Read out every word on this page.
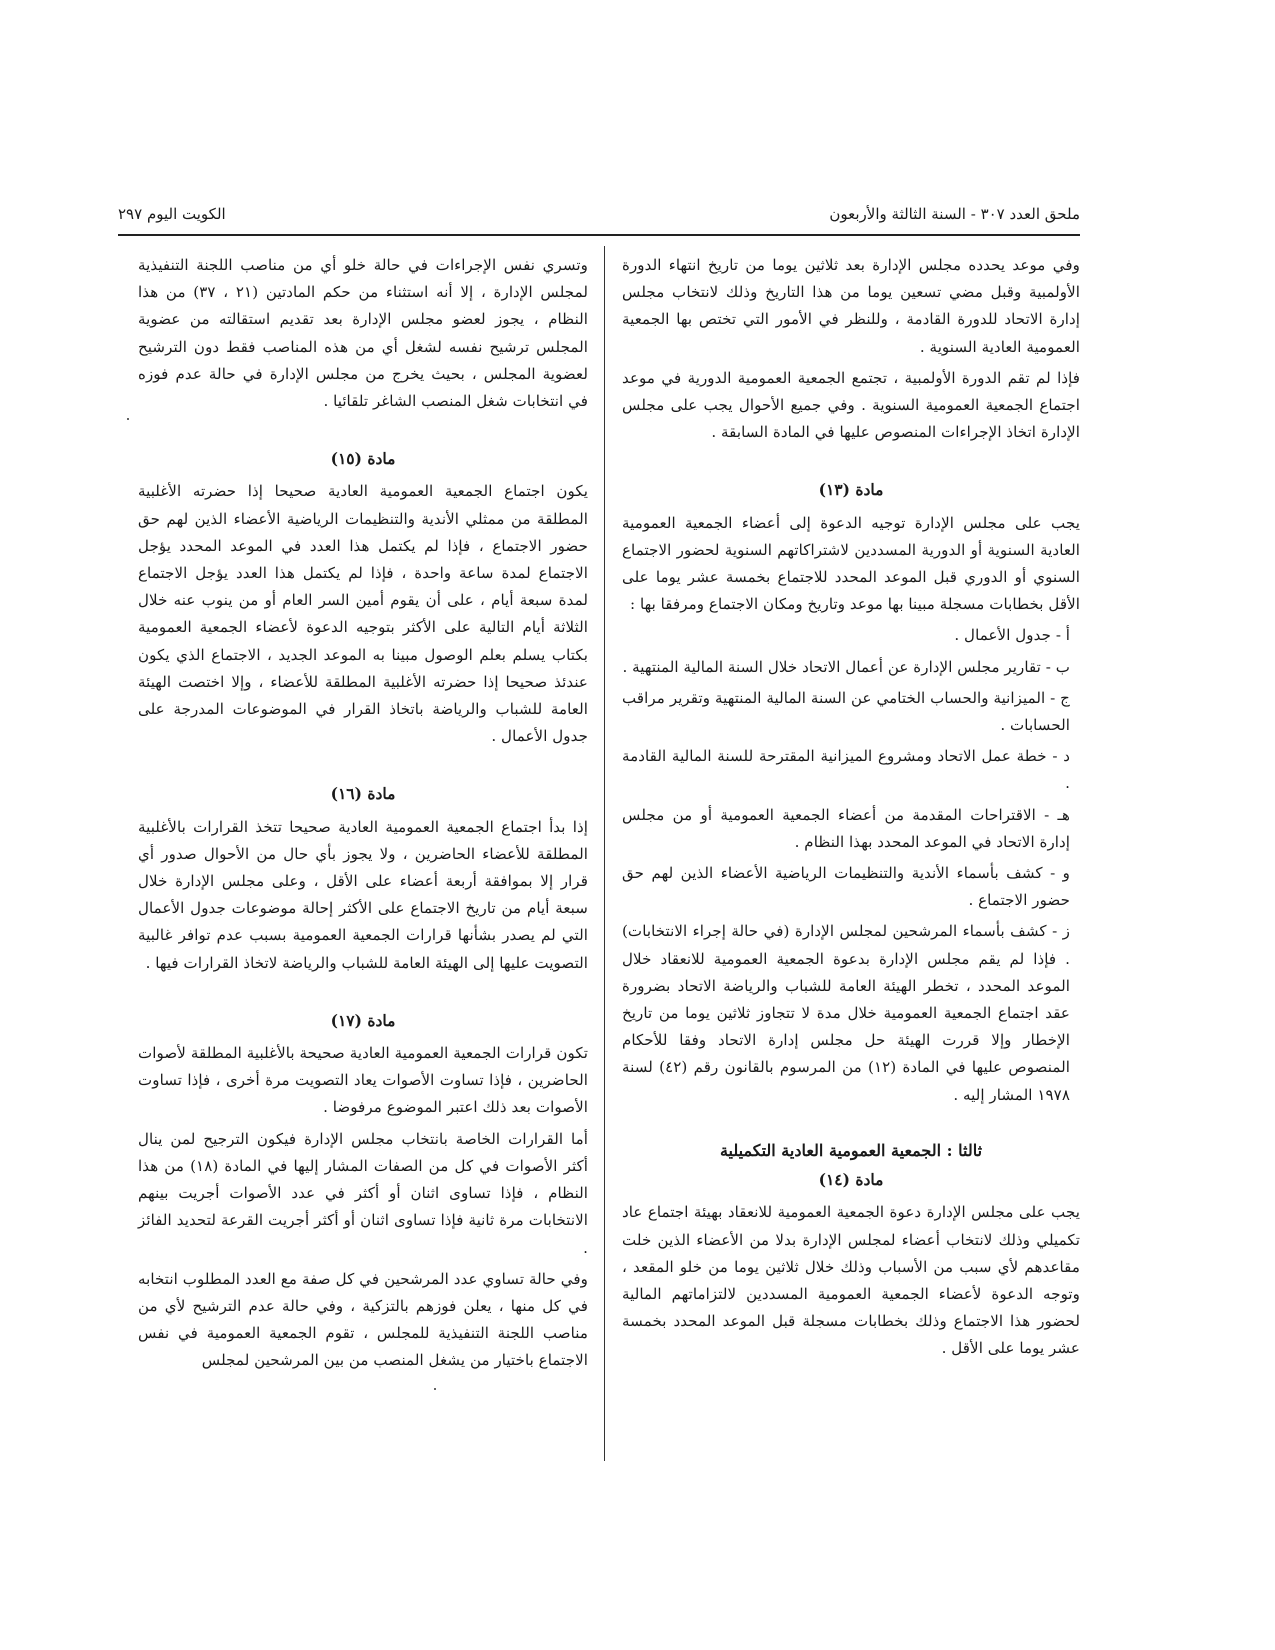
ملحق العدد ٣٠٧ - السنة الثالثة والأربعون
الكويت اليوم ٢٩٧

وفي موعد يحدده مجلس الإدارة بعد ثلاثين يوما من تاريخ انتهاء الدورة الأولمبية وقبل مضي تسعين يوما من هذا التاريخ وذلك لانتخاب مجلس إدارة الاتحاد للدورة القادمة ، وللنظر في الأمور التي تختص بها الجمعية العمومية العادية السنوية .

فإذا لم تقم الدورة الأولمبية ، تجتمع الجمعية العمومية الدورية في موعد اجتماع الجمعية العمومية السنوية . وفي جميع الأحوال يجب على مجلس الإدارة اتخاذ الإجراءات المنصوص عليها في المادة السابقة .

مادة (١٣)

يجب على مجلس الإدارة توجيه الدعوة إلى أعضاء الجمعية العمومية العادية السنوية أو الدورية المسددين لاشتراكاتهم السنوية لحضور الاجتماع السنوي أو الدوري قبل الموعد المحدد للاجتماع بخمسة عشر يوما على الأقل بخطابات مسجلة مبينا بها موعد وتاريخ ومكان الاجتماع ومرفقا بها :

أ - جدول الأعمال .

ب - تقارير مجلس الإدارة عن أعمال الاتحاد خلال السنة المالية المنتهية .

ج - الميزانية والحساب الختامي عن السنة المالية المنتهية وتقرير مراقب الحسابات .

د - خطة عمل الاتحاد ومشروع الميزانية المقترحة للسنة المالية القادمة .

هـ - الاقتراحات المقدمة من أعضاء الجمعية العمومية أو من مجلس إدارة الاتحاد في الموعد المحدد بهذا النظام .

و - كشف بأسماء الأندية والتنظيمات الرياضية الأعضاء الذين لهم حق حضور الاجتماع .

ز - كشف بأسماء المرشحين لمجلس الإدارة (في حالة إجراء الانتخابات) . فإذا لم يقم مجلس الإدارة بدعوة الجمعية العمومية للانعقاد خلال الموعد المحدد ، تخطر الهيئة العامة للشباب والرياضة الاتحاد بضرورة عقد اجتماع الجمعية العمومية خلال مدة لا تتجاوز ثلاثين يوما من تاريخ الإخطار وإلا قررت الهيئة حل مجلس إدارة الاتحاد وفقا للأحكام المنصوص عليها في المادة (١٢) من المرسوم بالقانون رقم (٤٢) لسنة ١٩٧٨ المشار إليه .

ثالثا : الجمعية العمومية العادية التكميلية
مادة (١٤)

يجب على مجلس الإدارة دعوة الجمعية العمومية للانعقاد بهيئة اجتماع عاد تكميلي وذلك لانتخاب أعضاء لمجلس الإدارة بدلا من الأعضاء الذين خلت مقاعدهم لأي سبب من الأسباب وذلك خلال ثلاثين يوما من خلو المقعد ، وتوجه الدعوة لأعضاء الجمعية العمومية المسددين لالتزاماتهم المالية لحضور هذا الاجتماع وذلك بخطابات مسجلة قبل الموعد المحدد بخمسة عشر يوما على الأقل .

وتسري نفس الإجراءات في حالة خلو أي من مناصب اللجنة التنفيذية لمجلس الإدارة ، إلا أنه استثناء من حكم المادتين (٢١ ، ٣٧) من هذا النظام ، يجوز لعضو مجلس الإدارة بعد تقديم استقالته من عضوية المجلس ترشيح نفسه لشغل أي من هذه المناصب فقط دون الترشيح لعضوية المجلس ، بحيث يخرج من مجلس الإدارة في حالة عدم فوزه في انتخابات شغل المنصب الشاغر تلقائيا .

مادة (١٥)

يكون اجتماع الجمعية العمومية العادية صحيحا إذا حضرته الأغلبية المطلقة من ممثلي الأندية والتنظيمات الرياضية الأعضاء الذين لهم حق حضور الاجتماع ، فإذا لم يكتمل هذا العدد في الموعد المحدد يؤجل الاجتماع لمدة ساعة واحدة ، فإذا لم يكتمل هذا العدد يؤجل الاجتماع لمدة سبعة أيام ، على أن يقوم أمين السر العام أو من ينوب عنه خلال الثلاثة أيام التالية على الأكثر بتوجيه الدعوة لأعضاء الجمعية العمومية بكتاب يسلم بعلم الوصول مبينا به الموعد الجديد ، الاجتماع الذي يكون عندئذ صحيحا إذا حضرته الأغلبية المطلقة للأعضاء ، وإلا اختصت الهيئة العامة للشباب والرياضة باتخاذ القرار في الموضوعات المدرجة على جدول الأعمال .

مادة (١٦)

إذا بدأ اجتماع الجمعية العمومية العادية صحيحا تتخذ القرارات بالأغلبية المطلقة للأعضاء الحاضرين ، ولا يجوز بأي حال من الأحوال صدور أي قرار إلا بموافقة أربعة أعضاء على الأقل ، وعلى مجلس الإدارة خلال سبعة أيام من تاريخ الاجتماع على الأكثر إحالة موضوعات جدول الأعمال التي لم يصدر بشأنها قرارات الجمعية العمومية بسبب عدم توافر غالبية التصويت عليها إلى الهيئة العامة للشباب والرياضة لاتخاذ القرارات فيها .

مادة (١٧)

تكون قرارات الجمعية العمومية العادية صحيحة بالأغلبية المطلقة لأصوات الحاضرين ، فإذا تساوت الأصوات يعاد التصويت مرة أخرى ، فإذا تساوت الأصوات بعد ذلك اعتبر الموضوع مرفوضا .

أما القرارات الخاصة بانتخاب مجلس الإدارة فيكون الترجيح لمن ينال أكثر الأصوات في كل من الصفات المشار إليها في المادة (١٨) من هذا النظام ، فإذا تساوى اثنان أو أكثر في عدد الأصوات أجريت بينهم الانتخابات مرة ثانية فإذا تساوى اثنان أو أكثر أجريت القرعة لتحديد الفائز .

وفي حالة تساوي عدد المرشحين في كل صفة مع العدد المطلوب انتخابه في كل منها ، يعلن فوزهم بالتزكية ، وفي حالة عدم الترشيح لأي من مناصب اللجنة التنفيذية للمجلس ، تقوم الجمعية العمومية في نفس الاجتماع باختيار من يشغل المنصب من بين المرشحين لمجلس
